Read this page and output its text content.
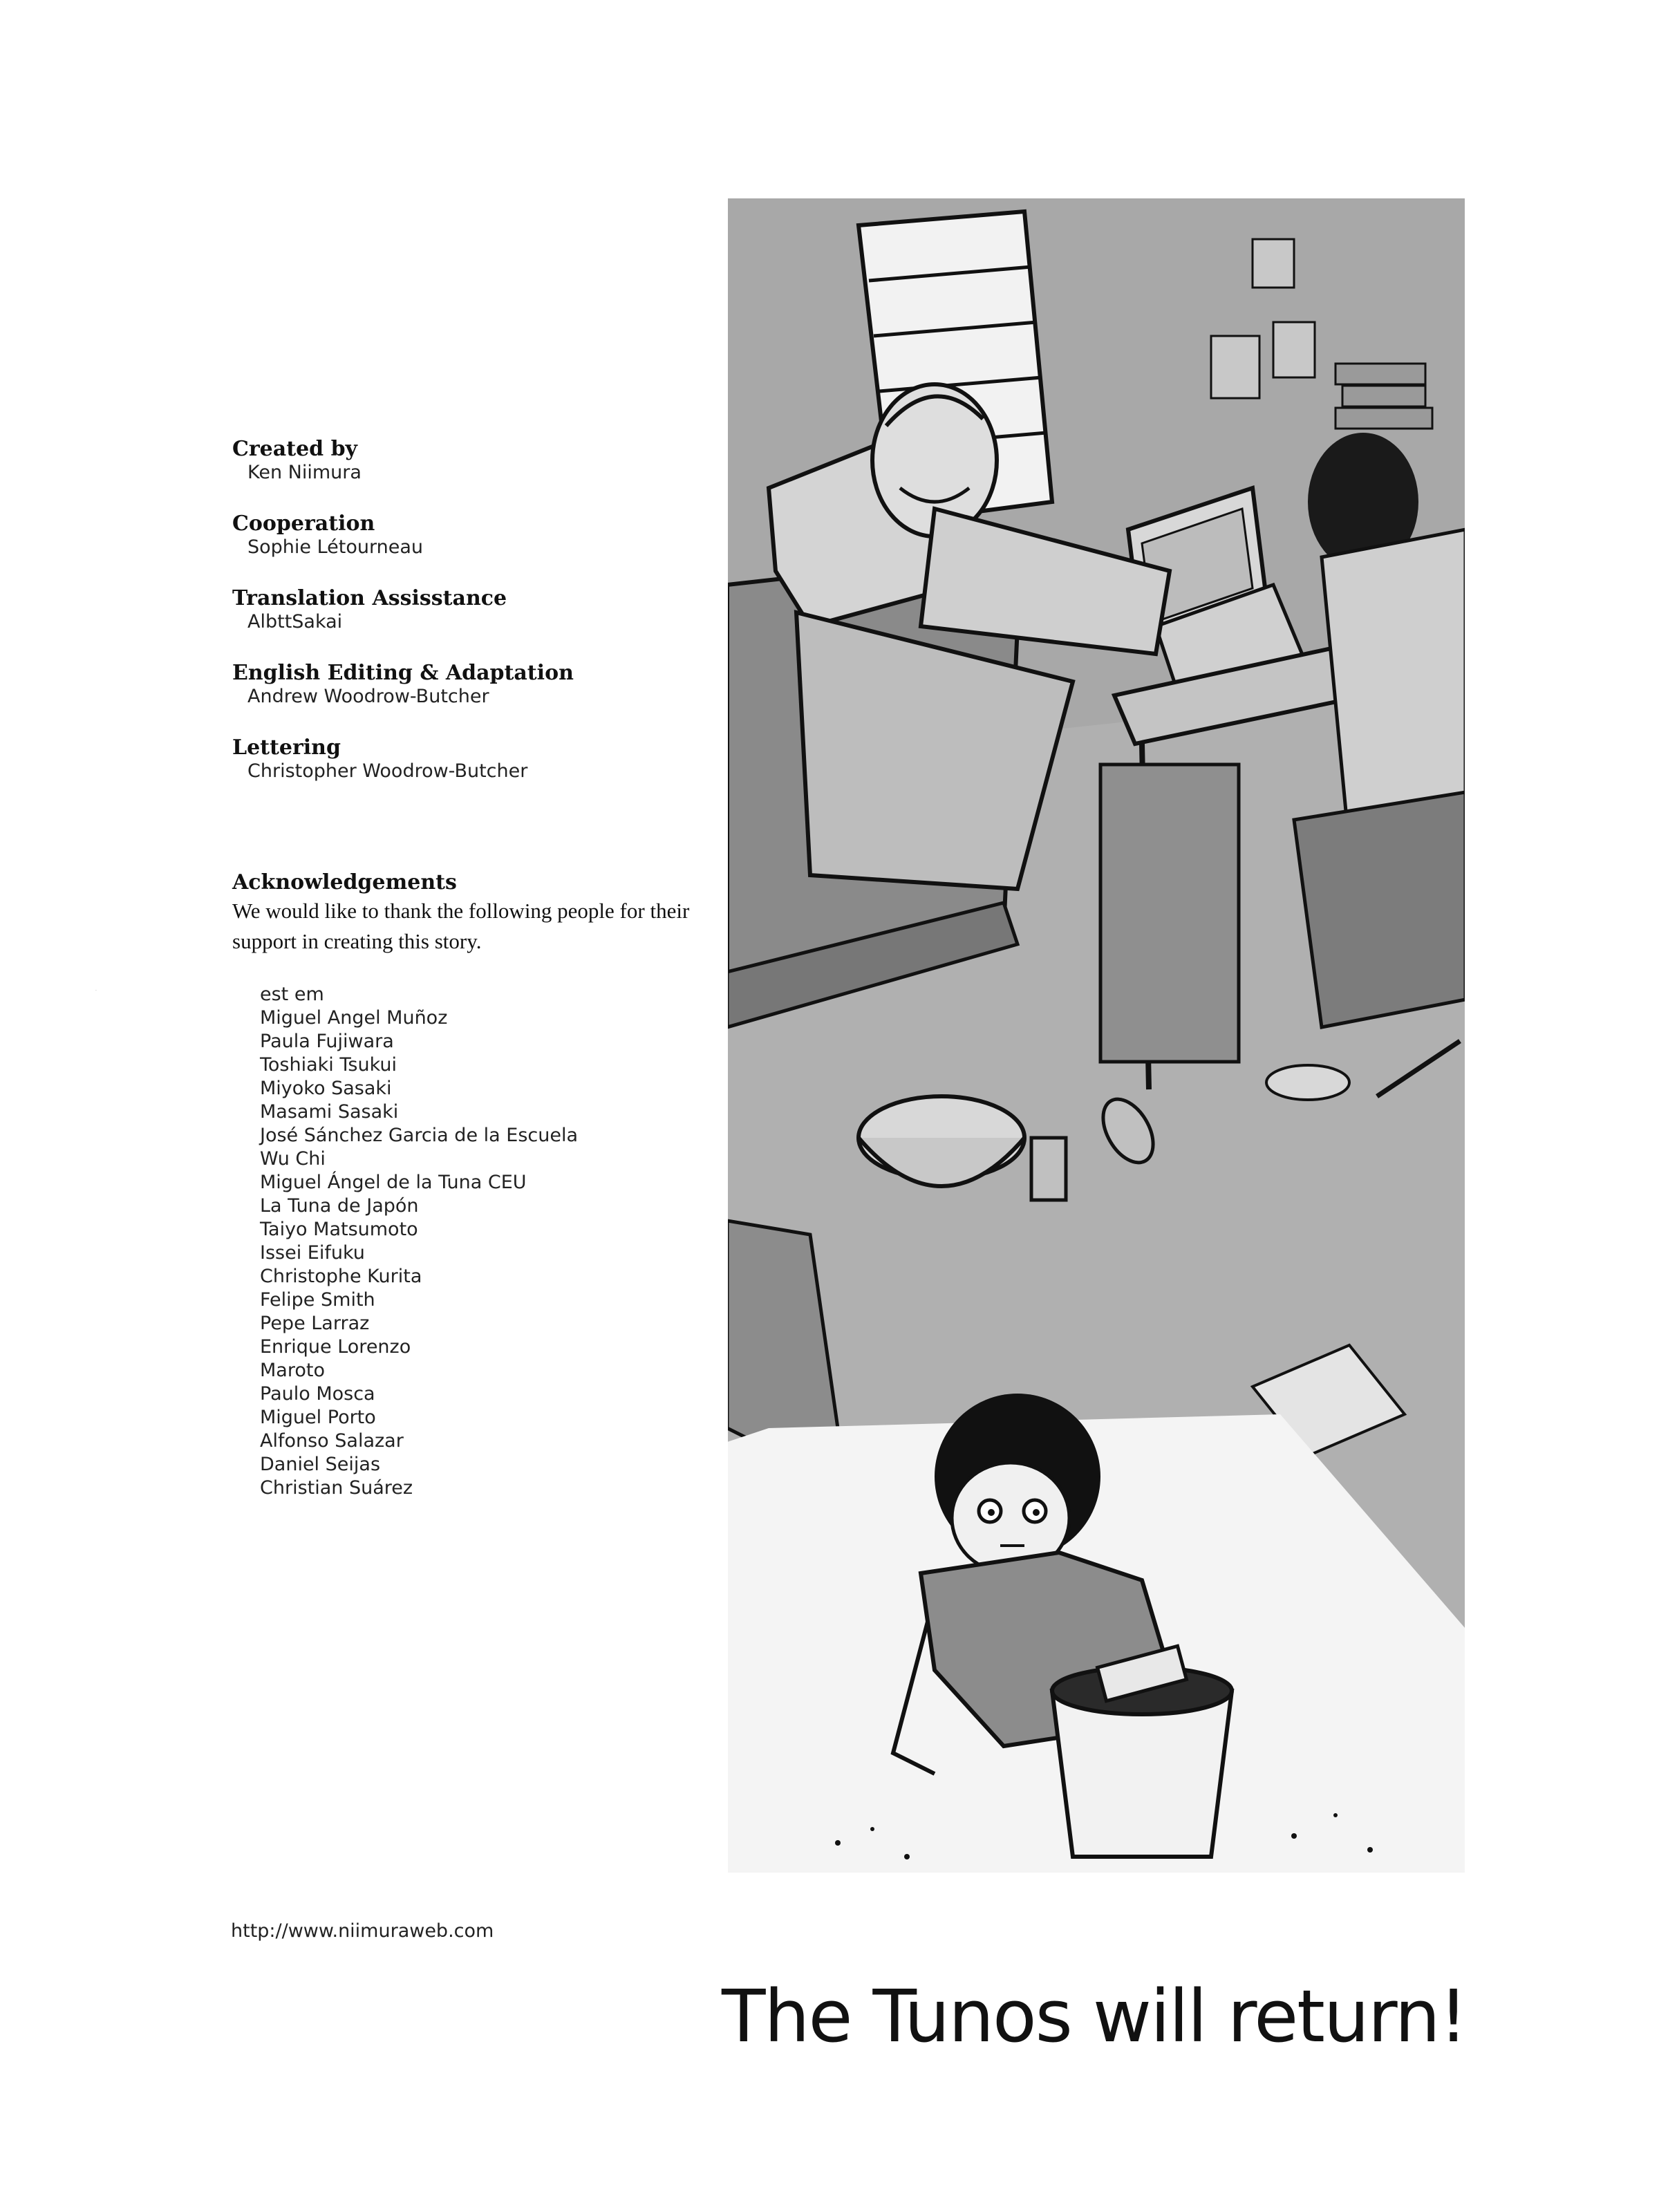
Created by
Ken Niimura
Cooperation
Sophie Létourneau
Translation Assisstance
AlbttSakai
English Editing & Adaptation
Andrew Woodrow-Butcher
Lettering
Christopher Woodrow-Butcher
Acknowledgements
We would like to thank the following people for their support in creating this story.
·	est em
Miguel Angel Muñoz
Paula Fujiwara
Toshiaki Tsukui
Miyoko Sasaki
Masami Sasaki
José Sánchez Garcia de la Escuela
Wu Chi
Miguel Ángel de la Tuna CEU
La Tuna de Japón
Taiyo Matsumoto
Issei Eifuku
Christophe Kurita
Felipe Smith
Pepe Larraz
Enrique Lorenzo
Maroto
Paulo Mosca
Miguel Porto
Alfonso Salazar
Daniel Seijas
Christian Suárez
http://www.niimuraweb.com
The Tunos will return!
